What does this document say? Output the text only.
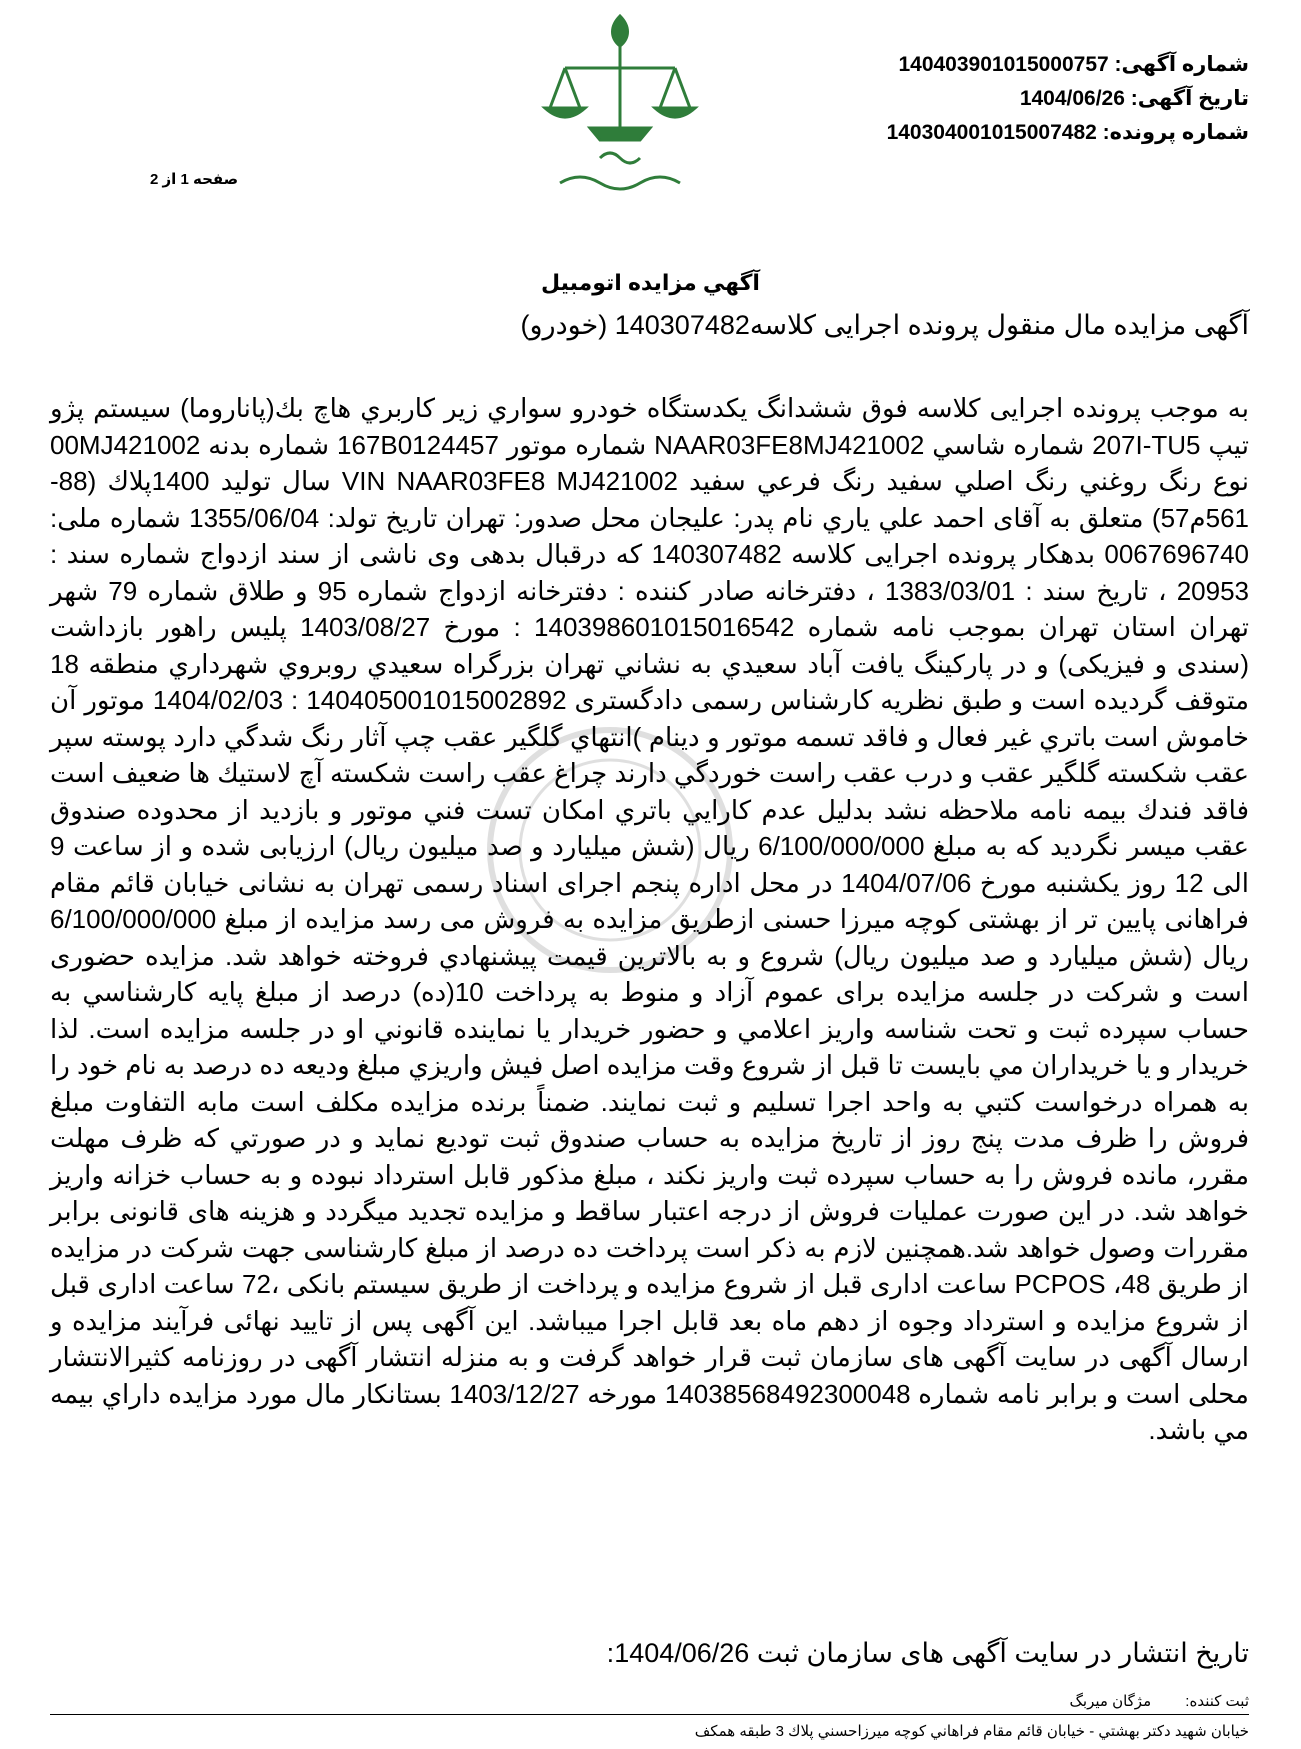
شماره آگهی: 140403901015000757
تاریخ آگهی: 1404/06/26
شماره پرونده: 140304001015007482
صفحه 1 از 2
آگهي مزايده اتومبيل
آگهی مزایده مال منقول پرونده اجرایی کلاسه140307482 (خودرو)
به موجب پرونده اجرایی کلاسه فوق ششدانگ يكدستگاه خودرو سواري زير كاربري هاچ بك(پاناروما) سيستم پژو تيپ 207I-TU5 شماره شاسي NAAR03FE8MJ421002 شماره موتور 167B0124457 شماره بدنه 00MJ421002 نوع رنگ روغني رنگ اصلي سفيد رنگ فرعي سفيد VIN NAAR03FE8 MJ421002 سال توليد 1400پلاك (88-561م57) متعلق به آقای احمد علي ياري نام پدر: عليجان محل صدور: تهران تاريخ تولد: 1355/06/04 شماره ملی: 0067696740 بدهکار پرونده اجرایی کلاسه 140307482 که درقبال بدهی وی ناشی از سند ازدواج شماره سند : 20953 ، تاریخ سند : 1383/03/01 ، دفترخانه صادر کننده : دفترخانه ازدواج شماره 95 و طلاق شماره 79 شهر تهران استان تهران بموجب نامه شماره 140398601015016542 : مورخ 1403/08/27 پليس راهور بازداشت (سندی و فیزیکی) و در پاركينگ يافت آباد سعيدي به نشاني تهران بزرگراه سعيدي روبروي شهرداري منطقه 18 متوقف گردیده است و طبق نظریه کارشناس رسمی دادگستری 140405001015002892 : 1404/02/03 موتور آن خاموش است باتري غير فعال و فاقد تسمه موتور و دينام )انتهاي گلگير عقب چپ آثار رنگ شدگي دارد پوسته سپر عقب شكسته گلگير عقب و درب عقب راست خوردگي دارند چراغ عقب راست شكسته آچ لاستيك ها ضعيف است فاقد فندك بيمه نامه ملاحظه نشد بدليل عدم كارايي باتري امكان تست فني موتور و بازديد از محدوده صندوق عقب ميسر نگرديد که به مبلغ 6/100/000/000 ريال (شش ميليارد و صد ميليون ريال) ارزیابی شده و از ساعت 9 الی 12 روز یکشنبه مورخ 1404/07/06 در محل اداره پنجم اجرای اسناد رسمی تهران به نشانی خیابان قائم مقام فراهانی پایین تر از بهشتی کوچه میرزا حسنی ازطریق مزایده به فروش می رسد مزایده از مبلغ 6/100/000/000 ريال (شش ميليارد و صد ميليون ريال) شروع و به بالاترين قيمت پيشنهادي فروخته خواهد شد. مزایده حضوری است و شرکت در جلسه مزایده برای عموم آزاد و منوط به پرداخت 10(ده) درصد از مبلغ پايه كارشناسي به حساب سپرده ثبت و تحت شناسه واريز اعلامي و حضور خريدار يا نماينده قانوني او در جلسه مزايده است. لذا خريدار و يا خريداران مي بايست تا قبل از شروع وقت مزايده اصل فيش واريزي مبلغ وديعه ده درصد به نام خود را به همراه درخواست كتبي به واحد اجرا تسليم و ثبت نمايند. ضمناً برنده مزايده مكلف است مابه التفاوت مبلغ فروش را ظرف مدت پنج روز از تاريخ مزايده به حساب صندوق ثبت توديع نمايد و در صورتي كه ظرف مهلت مقرر، مانده فروش را به حساب سپرده ثبت واريز نكند ، مبلغ مذكور قابل استرداد نبوده و به حساب خزانه واريز خواهد شد. در این صورت عملیات فروش از درجه اعتبار ساقط و مزایده تجدید میگردد و هزینه های قانونی برابر مقررات وصول خواهد شد.همچنین لازم به ذکر است پرداخت ده درصد از مبلغ کارشناسی جهت شرکت در مزایده از طریق 48، PCPOS ساعت اداری قبل از شروع مزایده و پرداخت از طریق سیستم بانکی ،72 ساعت اداری قبل از شروع مزایده و استرداد وجوه از دهم ماه بعد قابل اجرا میباشد. این آگهی پس از تایید نهائی فرآیند مزایده و ارسال آگهی در سایت آگهی های سازمان ثبت قرار خواهد گرفت و به منزله انتشار آگهی در روزنامه کثیرالانتشار محلی است و برابر نامه شماره 14038568492300048 مورخه 1403/12/27 بستانكار مال مورد مزايده داراي بيمه مي باشد.
تاریخ انتشار در سایت آگهی های سازمان ثبت 1404/06/26:
ثبت کننده: مژگان میربگ
خيابان شهيد دكتر بهشتي - خيابان قائم مقام فراهاني كوچه ميرزاحسني پلاك 3 طبقه همكف
